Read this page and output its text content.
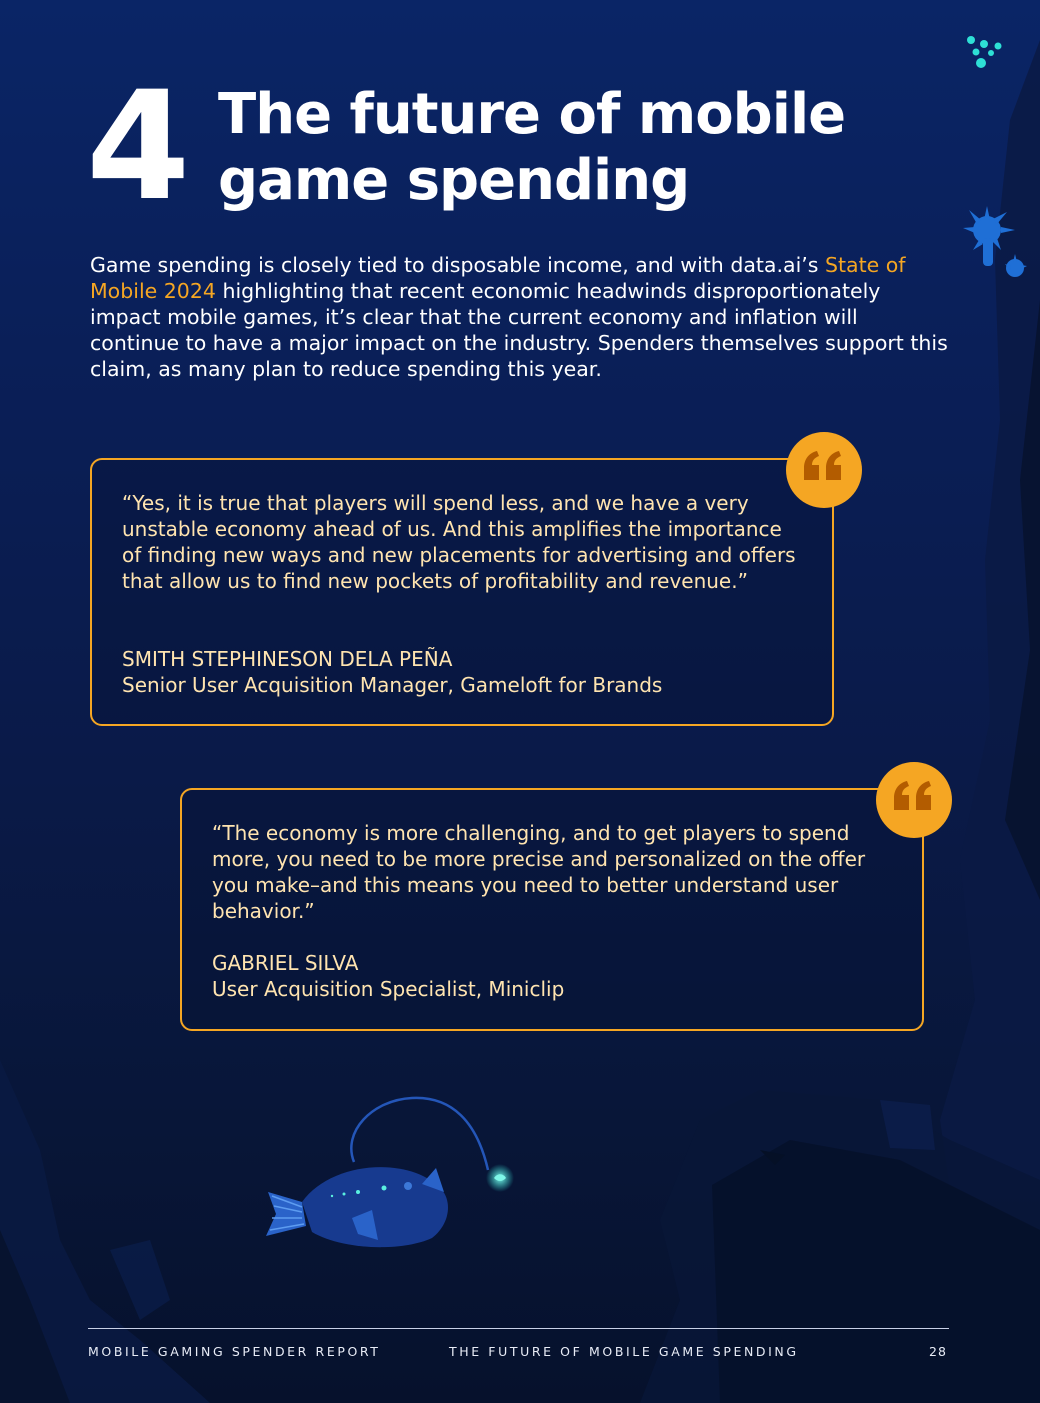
4 The future of mobile game spending
Game spending is closely tied to disposable income, and with data.ai’s State of Mobile 2024 highlighting that recent economic headwinds disproportionately impact mobile games, it’s clear that the current economy and inflation will continue to have a major impact on the industry. Spenders themselves support this claim, as many plan to reduce spending this year.
“Yes, it is true that players will spend less, and we have a very unstable economy ahead of us. And this amplifies the importance of finding new ways and new placements for advertising and offers that allow us to find new pockets of profitability and revenue.”
SMITH STEPHINESON DELA PEÑA
Senior User Acquisition Manager, Gameloft for Brands
“The economy is more challenging, and to get players to spend more, you need to be more precise and personalized on the offer you make–and this means you need to better understand user behavior.”
GABRIEL SILVA
User Acquisition Specialist, Miniclip
MOBILE GAMING SPENDER REPORT	THE FUTURE OF MOBILE GAME SPENDING	28
